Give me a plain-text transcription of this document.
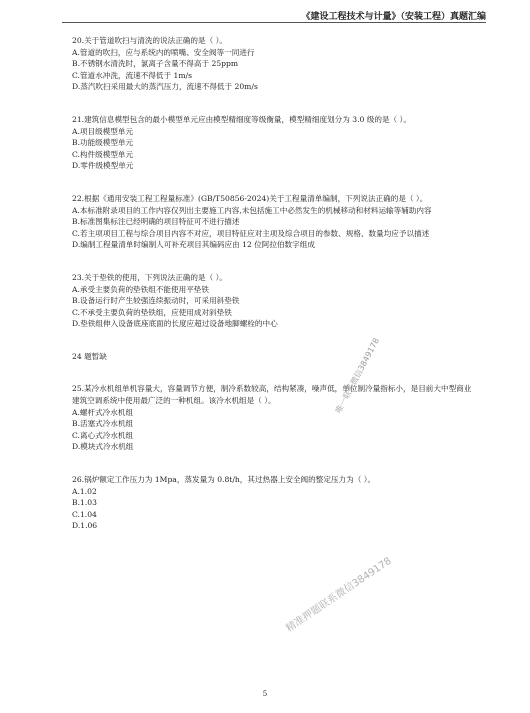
《建设工程技术与计量》（安装工程）真题汇编

20.关于管道吹扫与清洗的说法正确的是（ ）。

A.管道的吹扫，应与系统内的喷嘴、安全阀等一同进行

B.不锈钢水清洗时，氯离子含量不得高于 25ppm

C.管道水冲洗，流速不得低于 1m/s

D.蒸汽吹扫采用最大的蒸汽压力，流速不得低于 20m/s

21.建筑信息模型包含的最小模型单元应由模型精细度等级衡量，模型精细度划分为 3.0 级的是（ ）。

A.项目级模型单元

B.功能级模型单元

C.构件级模型单元

D.零件级模型单元

22.根据《通用安装工程工程量标准》(GB/T50856-2024)关于工程量清单编制，下列说法正确的是（ ）。

A.本标准附录项目的工作内容仅列出主要施工内容,未包括施工中必然发生的机械移动和材料运输等辅助内容

B.标准图集标注已经明确的项目特征可不进行描述

C.若主项项目工程与综合项目内容不对应，项目特征应对主项及综合项目的参数、规格、数量均应予以描述

D.编制工程量清单时编制人可补充项目其编码应由 12 位阿拉伯数字组成

23.关于垫铁的使用，下列说法正确的是（ ）。

A.承受主要负荷的垫铁组不能使用平垫铁

B.设备运行时产生较强连续振动时，可采用斜垫铁

C.不承受主要负荷的垫铁组，应使用成对斜垫铁

D.垫铁组伸入设备底座底面的长度应超过设备地脚螺栓的中心

24 题暂缺

25.某冷水机组单机容量大，容量调节方便，制冷系数较高，结构紧凑，噪声低，单位制冷量指标小，是目前大中型商业建筑空调系统中使用最广泛的一种机组。该冷水机组是（ ）。

A.螺杆式冷水机组

B.活塞式冷水机组

C.离心式冷水机组

D.模块式冷水机组

26.锅炉额定工作压力为 1Mpa，蒸发量为 0.8t/h，其过热器上安全阀的整定压力为（ ）。

A.1.02

B.1.03

C.1.04

D.1.06

唯一联系微信3849178
精准押题联系微信3849178
5
